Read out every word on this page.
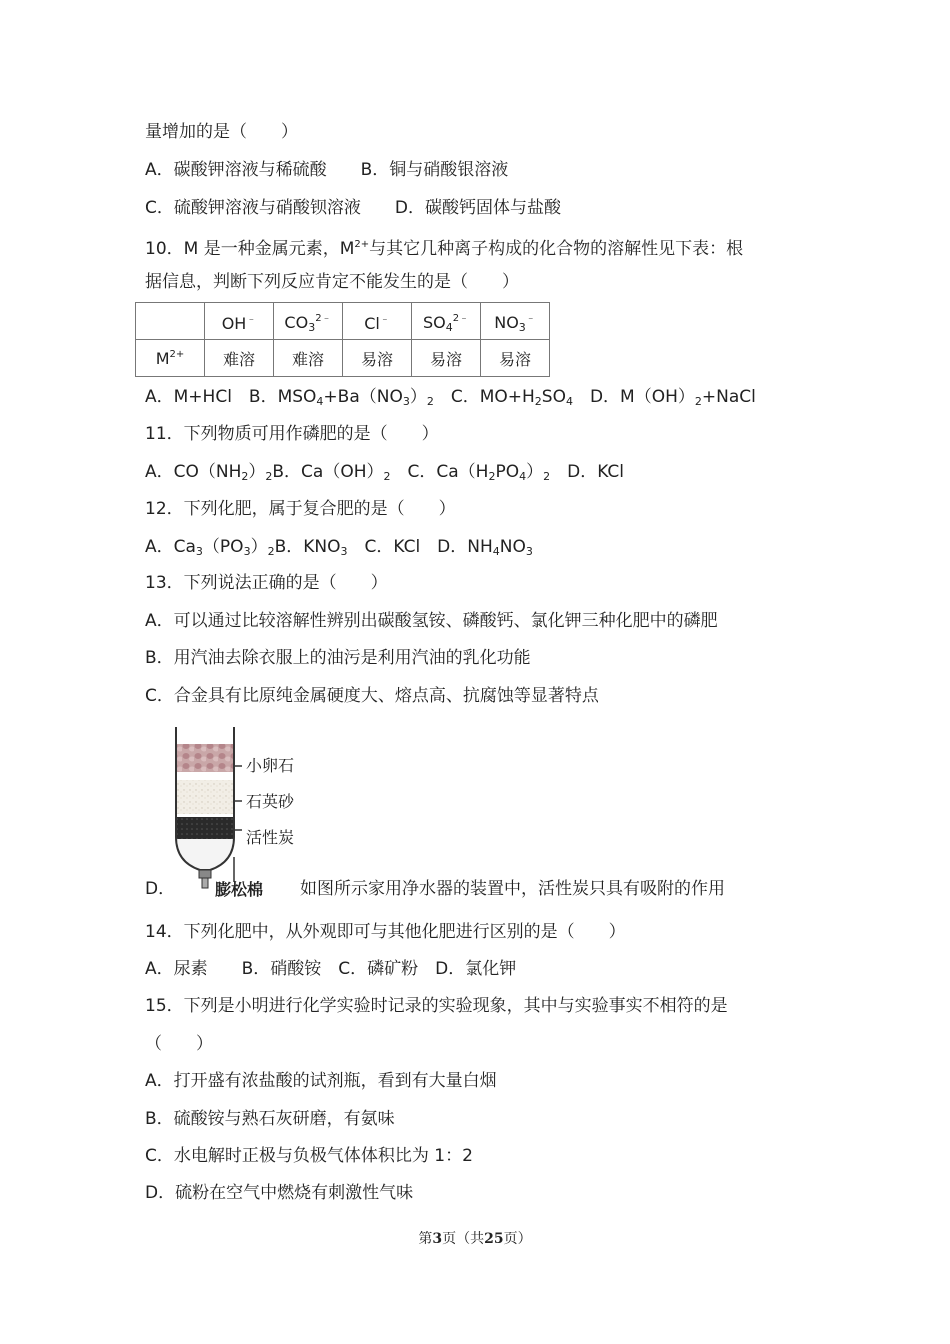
量增加的是（　　）
A．碳酸钾溶液与稀硫酸　　B．铜与硝酸银溶液
C．硫酸钾溶液与硝酸钡溶液　　D．碳酸钙固体与盐酸
10．M 是一种金属元素，$M^{2+}$与其它几种离子构成的化合物的溶解性见下表：根
据信息，判断下列反应肯定不能发生的是（　　）
	OH﹣	$CO_3^{2﹣}$	Cl﹣	$SO_4^{2﹣}$	$NO_3^﹣$
$M^{2+}$	难溶	难溶	易溶	易溶	易溶
A．M+HCl　B．$MSO_4+Ba(NO_3)_2$　C．$MO+H_2SO_4$　D．$M(OH)_2+NaCl$
11．下列物质可用作磷肥的是（　　）
A．$CO(NH_2)_2B$．$Ca(OH)_2$　C．$Ca(H_2PO_4)_2$　D．KCl
12．下列化肥，属于复合肥的是（　　）
A．$Ca_3(PO_3)_2B$．$KNO_3$　C．KCl　D．$NH_4NO_3$
13．下列说法正确的是（　　）
A．可以通过比较溶解性辨别出碳酸氢铵、磷酸钙、氯化钾三种化肥中的磷肥
B．用汽油去除衣服上的油污是利用汽油的乳化功能
C．合金具有比原纯金属硬度大、熔点高、抗腐蚀等显著特点
小卵石
石英砂
活性炭
膨松棉
D．	如图所示家用净水器的装置中，活性炭只具有吸附的作用
14．下列化肥中，从外观即可与其他化肥进行区别的是（　　）
A．尿素　　B．硝酸铵　C．磷矿粉　D．氯化钾
15．下列是小明进行化学实验时记录的实验现象，其中与实验事实不相符的是
（　　）
A．打开盛有浓盐酸的试剂瓶，看到有大量白烟
B．硫酸铵与熟石灰研磨，有氨味
C．水电解时正极与负极气体体积比为 1：2
D．硫粉在空气中燃烧有刺激性气味
第3页（共25页）
